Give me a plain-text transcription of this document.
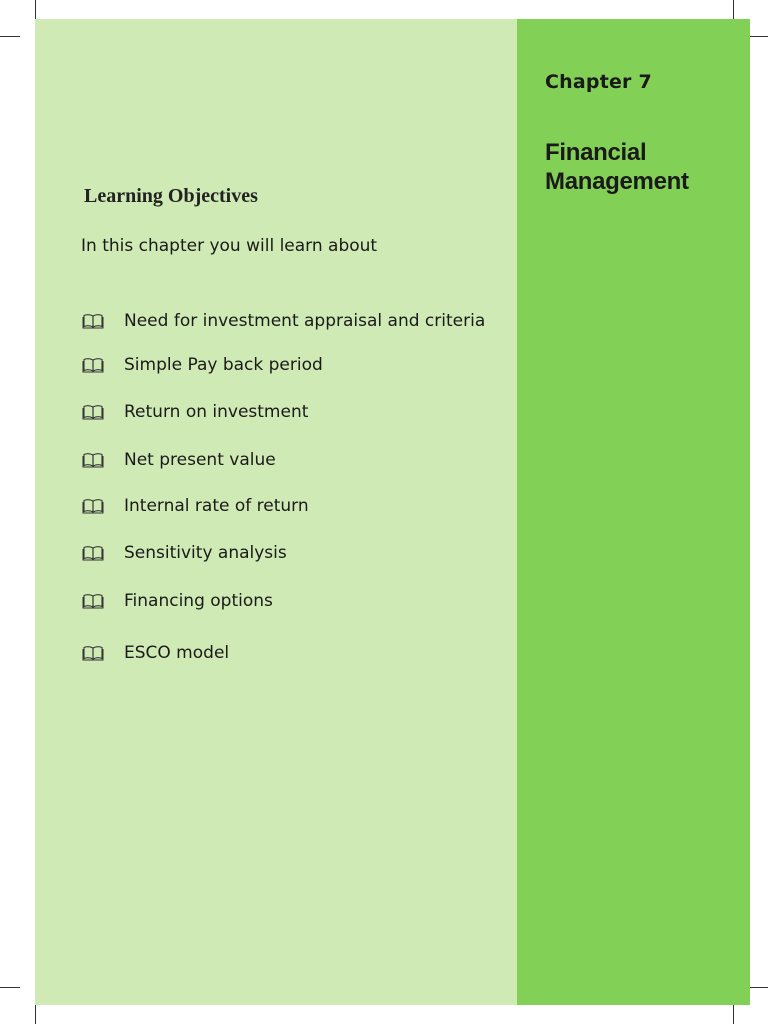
Chapter 7
Financial
Management
Learning Objectives
In this chapter you will learn about
Need for investment appraisal and criteria
Simple Pay back period
Return on investment
Net present value
Internal rate of return
Sensitivity analysis
Financing options
ESCO model
